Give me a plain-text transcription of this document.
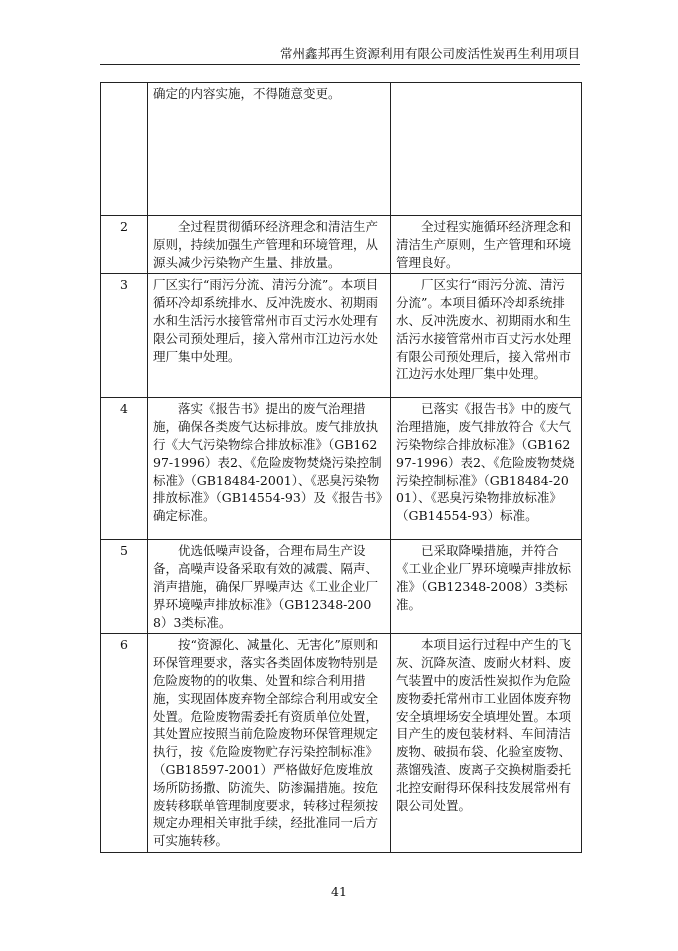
常州鑫邦再生资源利用有限公司废活性炭再生利用项目

	确定的内容实施，不得随意变更。	

2	全过程贯彻循环经济理念和清洁生产原则，持续加强生产管理和环境管理，从源头减少污染物产生量、排放量。	全过程实施循环经济理念和清洁生产原则，生产管理和环境管理良好。

3	厂区实行“雨污分流、清污分流”。本项目循环冷却系统排水、反冲洗废水、初期雨水和生活污水接管常州市百丈污水处理有限公司预处理后，接入常州市江边污水处理厂集中处理。	厂区实行“雨污分流、清污分流”。本项目循环冷却系统排水、反冲洗废水、初期雨水和生活污水接管常州市百丈污水处理有限公司预处理后，接入常州市江边污水处理厂集中处理。

4	落实《报告书》提出的废气治理措施，确保各类废气达标排放。废气排放执行《大气污染物综合排放标准》（GB16297-1996）表2、《危险废物焚烧污染控制标准》（GB18484-2001）、《恶臭污染物排放标准》（GB14554-93）及《报告书》确定标准。	已落实《报告书》中的废气治理措施，废气排放符合《大气污染物综合排放标准》（GB16297-1996）表2、《危险废物焚烧污染控制标准》（GB18484-2001）、《恶臭污染物排放标准》（GB14554-93）标准。

5	优选低噪声设备，合理布局生产设备，高噪声设备采取有效的减震、隔声、消声措施，确保厂界噪声达《工业企业厂界环境噪声排放标准》（GB12348-2008）3类标准。	已采取降噪措施，并符合《工业企业厂界环境噪声排放标准》（GB12348-2008）3类标准。

6	按“资源化、减量化、无害化”原则和环保管理要求，落实各类固体废物特别是危险废物的的收集、处置和综合利用措施，实现固体废弃物全部综合利用或安全处置。危险废物需委托有资质单位处置，其处置应按照当前危险废物环保管理规定执行，按《危险废物贮存污染控制标准》（GB18597-2001）严格做好危废堆放场所防扬撒、防流失、防渗漏措施。按危废转移联单管理制度要求，转移过程须按规定办理相关审批手续，经批准同一后方可实施转移。	本项目运行过程中产生的飞灰、沉降灰渣、废耐火材料、废气装置中的废活性炭拟作为危险废物委托常州市工业固体废弃物安全填埋场安全填埋处置。本项目产生的废包装材料、车间清洁废物、破损布袋、化验室废物、蒸馏残渣、废离子交换树脂委托北控安耐得环保科技发展常州有限公司处置。

41
